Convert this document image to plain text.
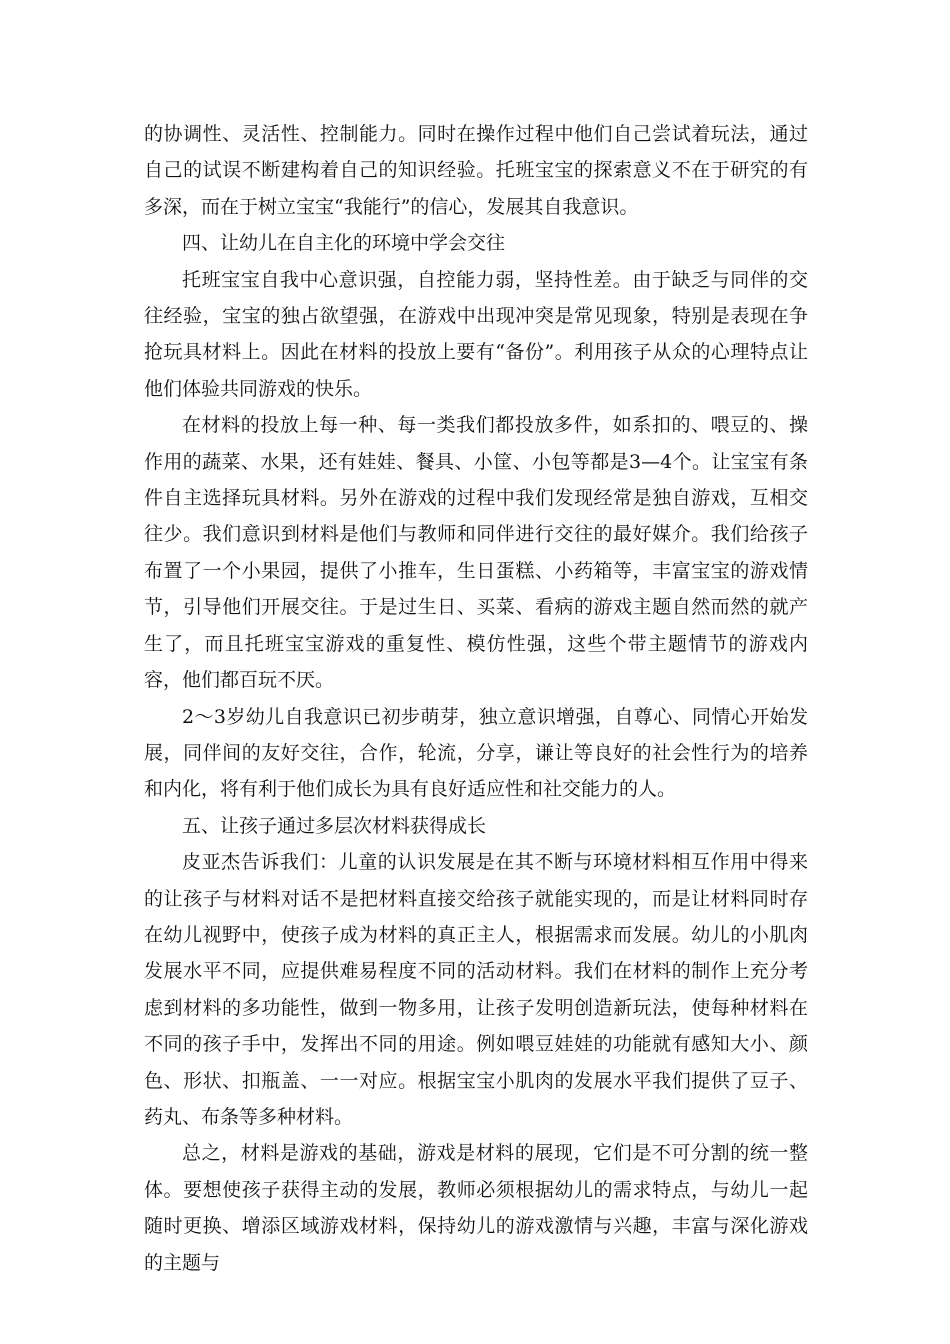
的协调性、灵活性、控制能力。同时在操作过程中他们自己尝试着玩法，通过自己的试误不断建构着自己的知识经验。托班宝宝的探索意义不在于研究的有多深，而在于树立宝宝“我能行”的信心，发展其自我意识。

四、让幼儿在自主化的环境中学会交往

托班宝宝自我中心意识强，自控能力弱，坚持性差。由于缺乏与同伴的交往经验，宝宝的独占欲望强，在游戏中出现冲突是常见现象，特别是表现在争抢玩具材料上。因此在材料的投放上要有“备份”。利用孩子从众的心理特点让他们体验共同游戏的快乐。

在材料的投放上每一种、每一类我们都投放多件，如系扣的、喂豆的、操作用的蔬菜、水果，还有娃娃、餐具、小筐、小包等都是3—4个。让宝宝有条件自主选择玩具材料。另外在游戏的过程中我们发现经常是独自游戏，互相交往少。我们意识到材料是他们与教师和同伴进行交往的最好媒介。我们给孩子布置了一个小果园，提供了小推车，生日蛋糕、小药箱等，丰富宝宝的游戏情节，引导他们开展交往。于是过生日、买菜、看病的游戏主题自然而然的就产生了，而且托班宝宝游戏的重复性、模仿性强，这些个带主题情节的游戏内容，他们都百玩不厌。

2～3岁幼儿自我意识已初步萌芽，独立意识增强，自尊心、同情心开始发展，同伴间的友好交往，合作，轮流，分享，谦让等良好的社会性行为的培养和内化，将有利于他们成长为具有良好适应性和社交能力的人。

五、让孩子通过多层次材料获得成长

皮亚杰告诉我们：儿童的认识发展是在其不断与环境材料相互作用中得来的让孩子与材料对话不是把材料直接交给孩子就能实现的，而是让材料同时存在幼儿视野中，使孩子成为材料的真正主人，根据需求而发展。幼儿的小肌肉发展水平不同，应提供难易程度不同的活动材料。我们在材料的制作上充分考虑到材料的多功能性，做到一物多用，让孩子发明创造新玩法，使每种材料在不同的孩子手中，发挥出不同的用途。例如喂豆娃娃的功能就有感知大小、颜色、形状、扣瓶盖、一一对应。根据宝宝小肌肉的发展水平我们提供了豆子、药丸、布条等多种材料。

总之，材料是游戏的基础，游戏是材料的展现，它们是不可分割的统一整体。要想使孩子获得主动的发展，教师必须根据幼儿的需求特点，与幼儿一起随时更换、增添区域游戏材料，保持幼儿的游戏激情与兴趣，丰富与深化游戏的主题与
